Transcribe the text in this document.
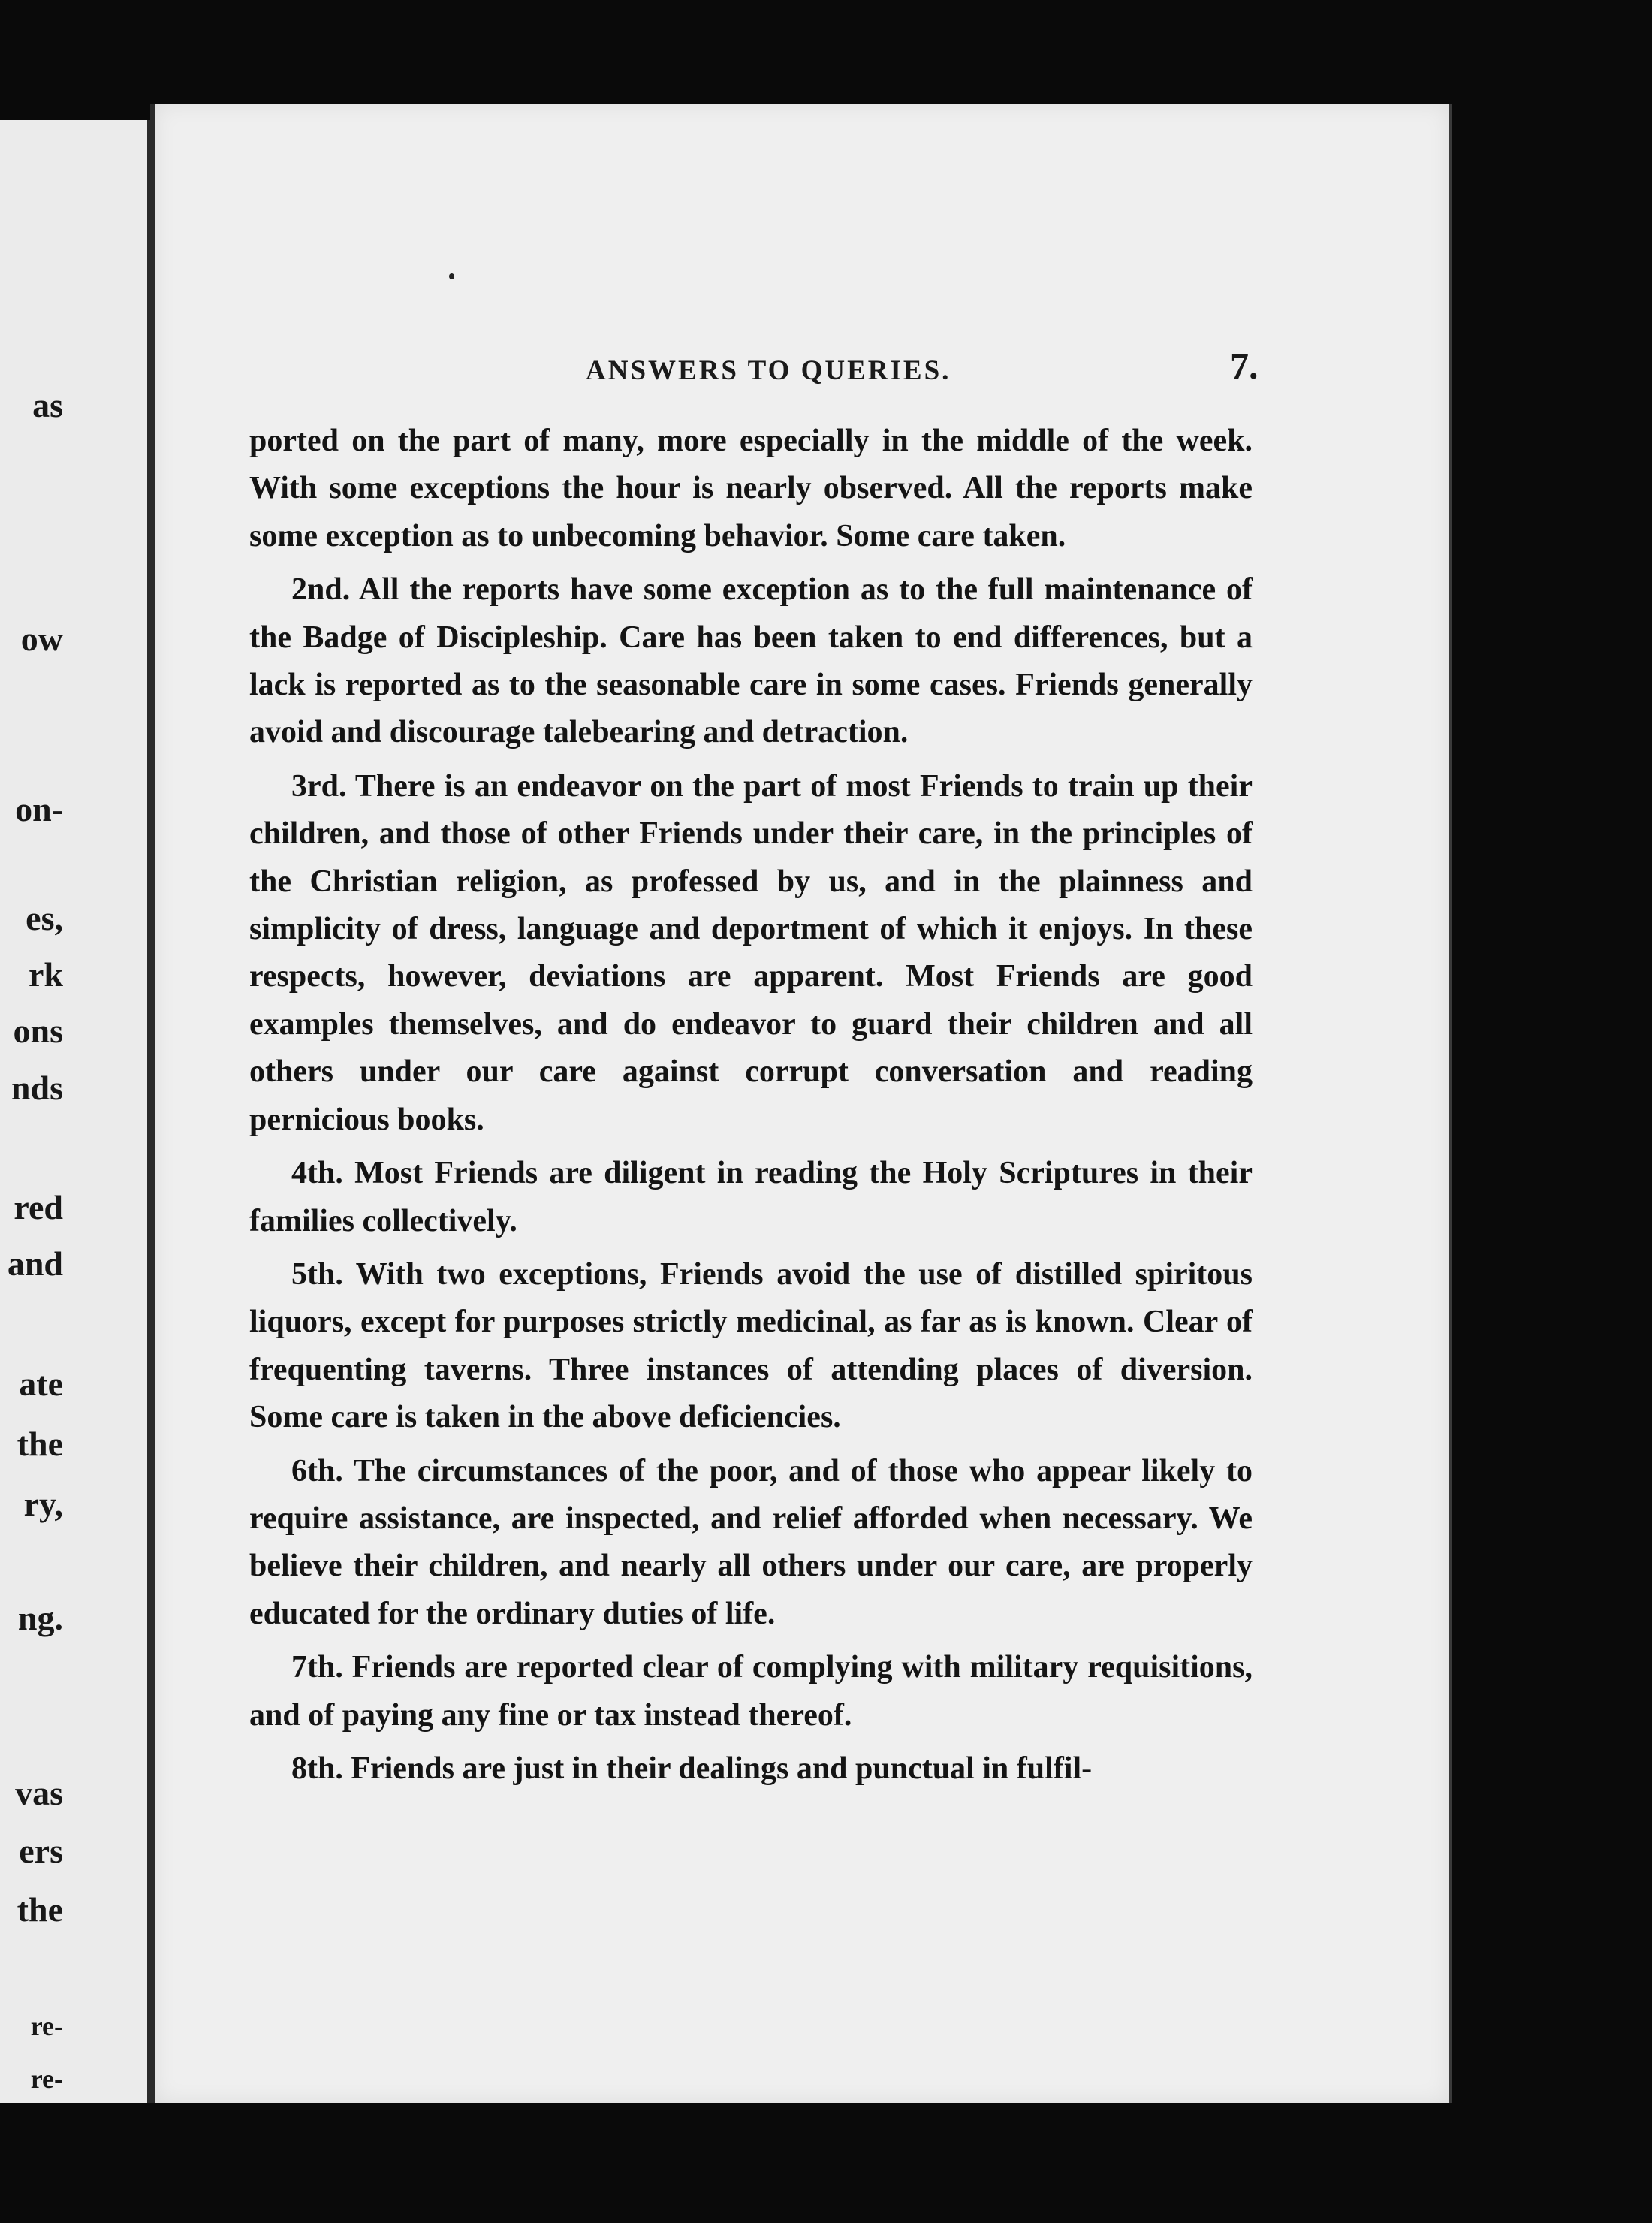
as
ow
on-
es,
rk
ons
nds
red
and
ate
the
ry,
ng.
vas
ers
the
re-
re-
ANSWERS TO QUERIES.	7.

ported on the part of many, more especially in the middle of the week. With some exceptions the hour is nearly observed. All the reports make some exception as to unbecoming behavior. Some care taken.

2nd. All the reports have some exception as to the full maintenance of the Badge of Discipleship. Care has been taken to end differences, but a lack is reported as to the seasonable care in some cases. Friends generally avoid and discourage talebearing and detraction.

3rd. There is an endeavor on the part of most Friends to train up their children, and those of other Friends under their care, in the principles of the Christian religion, as professed by us, and in the plainness and simplicity of dress, language and deportment of which it enjoys. In these respects, however, deviations are apparent. Most Friends are good examples themselves, and do endeavor to guard their children and all others under our care against corrupt conversation and reading pernicious books.

4th. Most Friends are diligent in reading the Holy Scriptures in their families collectively.

5th. With two exceptions, Friends avoid the use of distilled spiritous liquors, except for purposes strictly medicinal, as far as is known. Clear of frequenting taverns. Three instances of attending places of diversion. Some care is taken in the above deficiencies.

6th. The circumstances of the poor, and of those who appear likely to require assistance, are inspected, and relief afforded when necessary. We believe their children, and nearly all others under our care, are properly educated for the ordinary duties of life.

7th. Friends are reported clear of complying with military requisitions, and of paying any fine or tax instead thereof.

8th. Friends are just in their dealings and punctual in fulfil-
